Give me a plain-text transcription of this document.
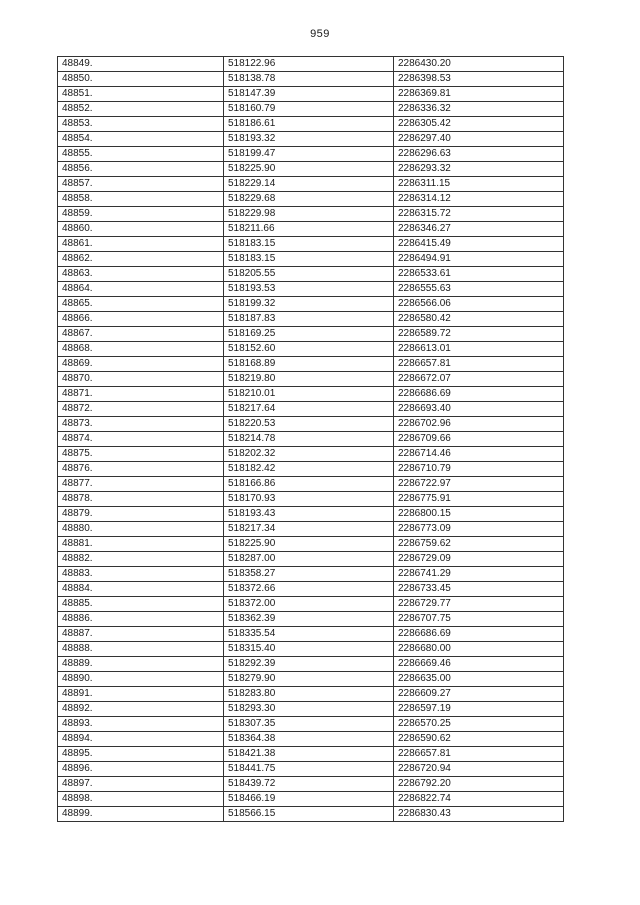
959
48849.	518122.96	2286430.20
48850.	518138.78	2286398.53
48851.	518147.39	2286369.81
48852.	518160.79	2286336.32
48853.	518186.61	2286305.42
48854.	518193.32	2286297.40
48855.	518199.47	2286296.63
48856.	518225.90	2286293.32
48857.	518229.14	2286311.15
48858.	518229.68	2286314.12
48859.	518229.98	2286315.72
48860.	518211.66	2286346.27
48861.	518183.15	2286415.49
48862.	518183.15	2286494.91
48863.	518205.55	2286533.61
48864.	518193.53	2286555.63
48865.	518199.32	2286566.06
48866.	518187.83	2286580.42
48867.	518169.25	2286589.72
48868.	518152.60	2286613.01
48869.	518168.89	2286657.81
48870.	518219.80	2286672.07
48871.	518210.01	2286686.69
48872.	518217.64	2286693.40
48873.	518220.53	2286702.96
48874.	518214.78	2286709.66
48875.	518202.32	2286714.46
48876.	518182.42	2286710.79
48877.	518166.86	2286722.97
48878.	518170.93	2286775.91
48879.	518193.43	2286800.15
48880.	518217.34	2286773.09
48881.	518225.90	2286759.62
48882.	518287.00	2286729.09
48883.	518358.27	2286741.29
48884.	518372.66	2286733.45
48885.	518372.00	2286729.77
48886.	518362.39	2286707.75
48887.	518335.54	2286686.69
48888.	518315.40	2286680.00
48889.	518292.39	2286669.46
48890.	518279.90	2286635.00
48891.	518283.80	2286609.27
48892.	518293.30	2286597.19
48893.	518307.35	2286570.25
48894.	518364.38	2286590.62
48895.	518421.38	2286657.81
48896.	518441.75	2286720.94
48897.	518439.72	2286792.20
48898.	518466.19	2286822.74
48899.	518566.15	2286830.43
